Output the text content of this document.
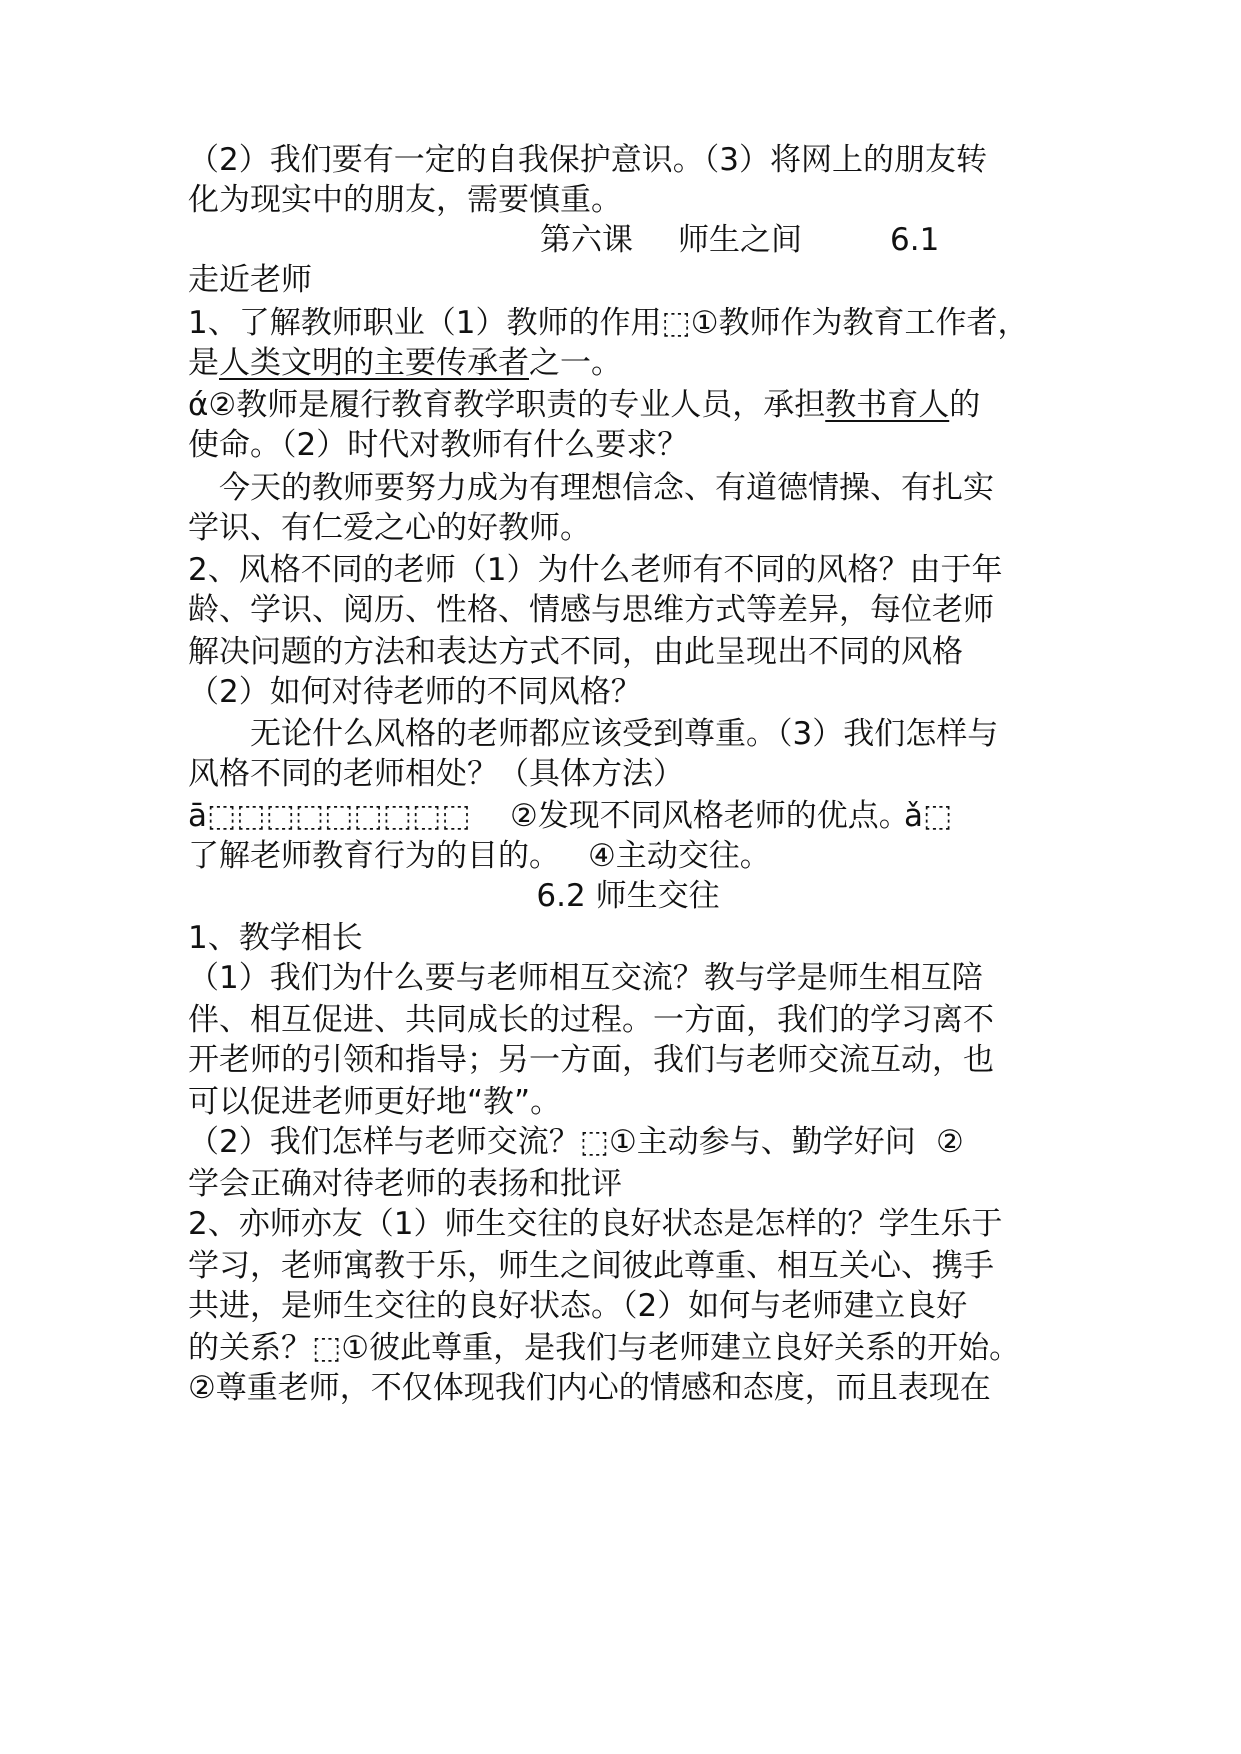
（2）我们要有一定的自我保护意识。（3）将网上的朋友转
化为现实中的朋友，需要慎重。
第六课 师生之间	6.1
走近老师
1、了解教师职业（1）教师的作用⬚①教师作为教育工作者，
是人类文明的主要传承者之一。
ά②教师是履行教育教学职责的专业人员，承担教书育人的
使命。（2）时代对教师有什么要求？
　今天的教师要努力成为有理想信念、有道德情操、有扎实
学识、有仁爱之心的好教师。
2、风格不同的老师（1）为什么老师有不同的风格？由于年
龄、学识、阅历、性格、情感与思维方式等差异，每位老师
解决问题的方法和表达方式不同，由此呈现出不同的风格
（2）如何对待老师的不同风格？
　　无论什么风格的老师都应该受到尊重。（3）我们怎样与
风格不同的老师相处？（具体方法）
ā⬚⬚⬚⬚⬚⬚⬚⬚⬚ ②发现不同风格老师的优点。
ǎ⬚
了解老师教育行为的目的。 ④主动交往。
6.2 师生交往
1、教学相长
（1）我们为什么要与老师相互交流？教与学是师生相互陪
伴、相互促进、共同成长的过程。一方面，我们的学习离不
开老师的引领和指导；另一方面，我们与老师交流互动，也
可以促进老师更好地“教”。
（2）我们怎样与老师交流？⬚①主动参与、勤学好问 ②
学会正确对待老师的表扬和批评
2、亦师亦友（1）师生交往的良好状态是怎样的？学生乐于
学习，老师寓教于乐，师生之间彼此尊重、相互关心、携手
共进，是师生交往的良好状态。（2）如何与老师建立良好
的关系？⬚①彼此尊重，是我们与老师建立良好关系的开始。
②尊重老师，不仅体现我们内心的情感和态度，而且表现在
